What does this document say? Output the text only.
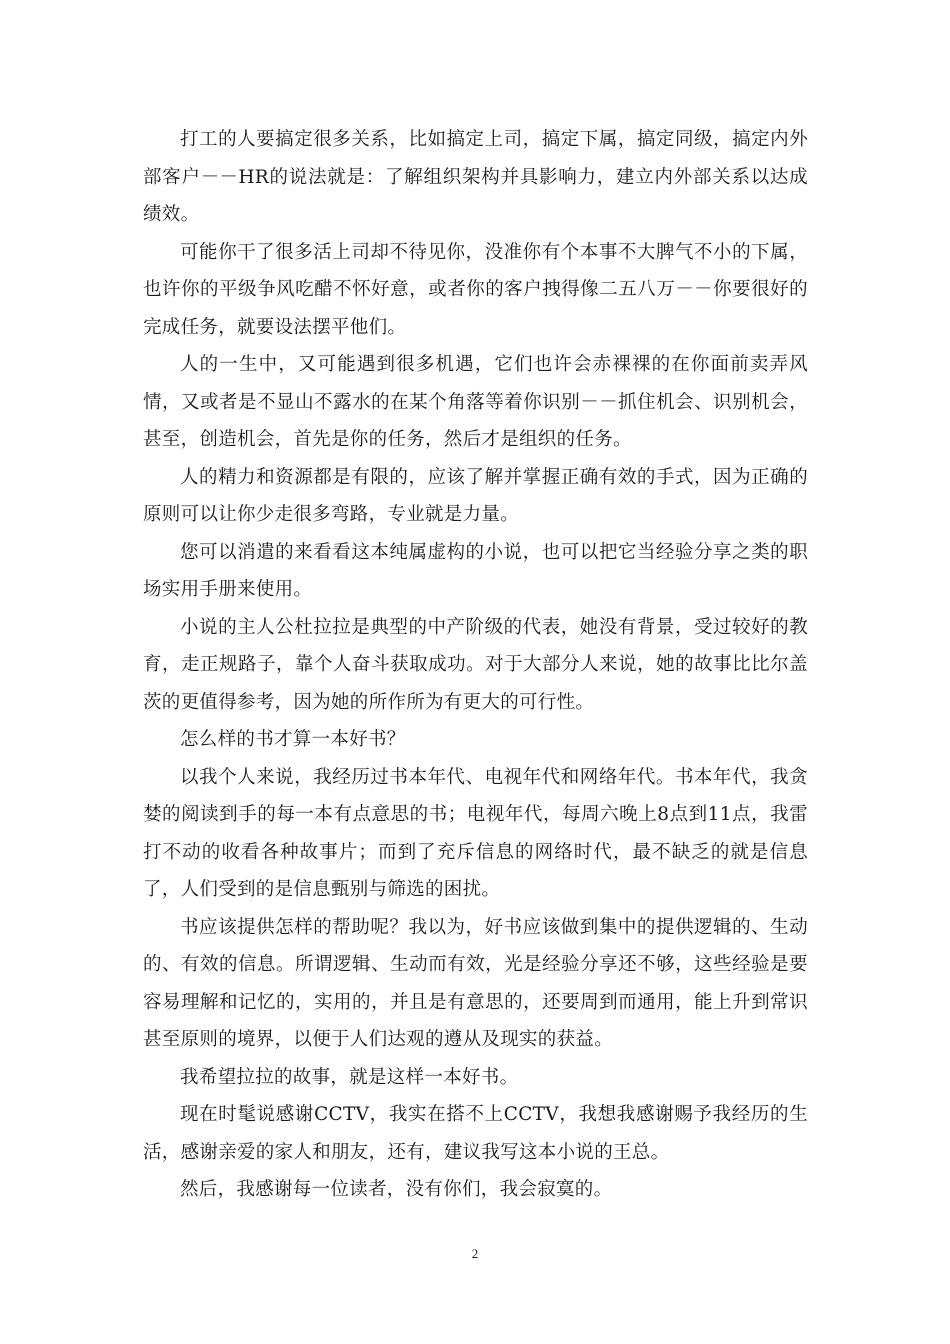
打工的人要搞定很多关系，比如搞定上司，搞定下属，搞定同级，搞定内外部客户－－HR的说法就是：了解组织架构并具影响力，建立内外部关系以达成绩效。

可能你干了很多活上司却不待见你，没准你有个本事不大脾气不小的下属，也许你的平级争风吃醋不怀好意，或者你的客户拽得像二五八万－－你要很好的完成任务，就要设法摆平他们。

人的一生中，又可能遇到很多机遇，它们也许会赤裸裸的在你面前卖弄风情，又或者是不显山不露水的在某个角落等着你识别－－抓住机会、识别机会，甚至，创造机会，首先是你的任务，然后才是组织的任务。

人的精力和资源都是有限的，应该了解并掌握正确有效的手式，因为正确的原则可以让你少走很多弯路，专业就是力量。

您可以消遣的来看看这本纯属虚构的小说，也可以把它当经验分享之类的职场实用手册来使用。

小说的主人公杜拉拉是典型的中产阶级的代表，她没有背景，受过较好的教育，走正规路子，靠个人奋斗获取成功。对于大部分人来说，她的故事比比尔盖茨的更值得参考，因为她的所作所为有更大的可行性。

怎么样的书才算一本好书？

以我个人来说，我经历过书本年代、电视年代和网络年代。书本年代，我贪婪的阅读到手的每一本有点意思的书；电视年代，每周六晚上8点到11点，我雷打不动的收看各种故事片；而到了充斥信息的网络时代，最不缺乏的就是信息了，人们受到的是信息甄别与筛选的困扰。

书应该提供怎样的帮助呢？我以为，好书应该做到集中的提供逻辑的、生动的、有效的信息。所谓逻辑、生动而有效，光是经验分享还不够，这些经验是要容易理解和记忆的，实用的，并且是有意思的，还要周到而通用，能上升到常识甚至原则的境界，以便于人们达观的遵从及现实的获益。

我希望拉拉的故事，就是这样一本好书。

现在时髦说感谢CCTV，我实在搭不上CCTV，我想我感谢赐予我经历的生活，感谢亲爱的家人和朋友，还有，建议我写这本小说的王总。

然后，我感谢每一位读者，没有你们，我会寂寞的。

2
